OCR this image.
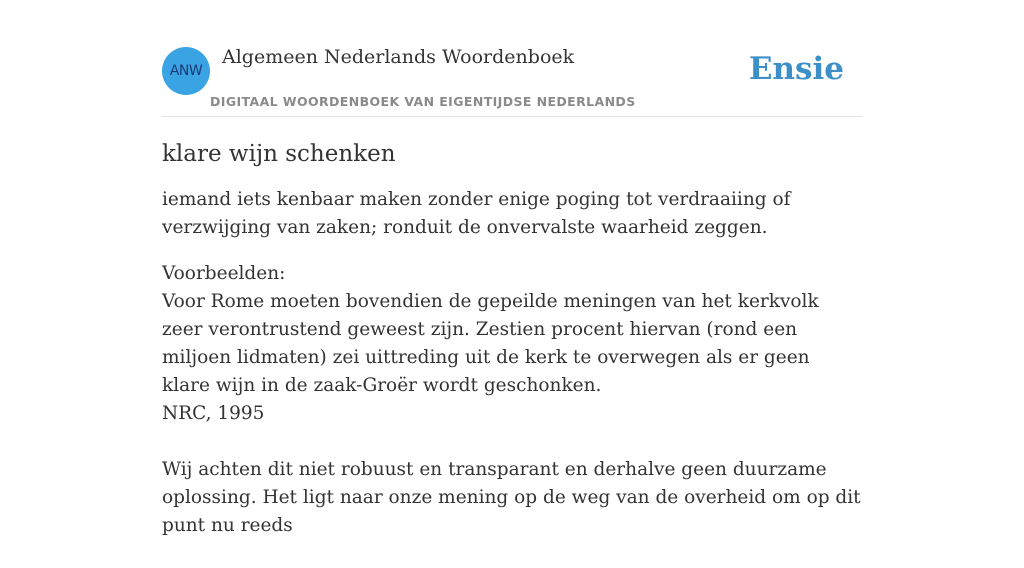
ANW
Algemeen Nederlands Woordenboek
DIGITAAL WOORDENBOEK VAN EIGENTIJDSE NEDERLANDS
Ensie
klare wijn schenken

iemand iets kenbaar maken zonder enige poging tot verdraaiing of verzwijging van zaken; ronduit de onvervalste waarheid zeggen.

Voorbeelden:
Voor Rome moeten bovendien de gepeilde meningen van het kerkvolk zeer verontrustend geweest zijn. Zestien procent hiervan (rond een miljoen lidmaten) zei uittreding uit de kerk te overwegen als er geen klare wijn in de zaak-Groër wordt geschonken.
NRC, 1995
Wij achten dit niet robuust en transparant en derhalve geen duurzame oplossing. Het ligt naar onze mening op de weg van de overheid om op dit punt nu reeds
